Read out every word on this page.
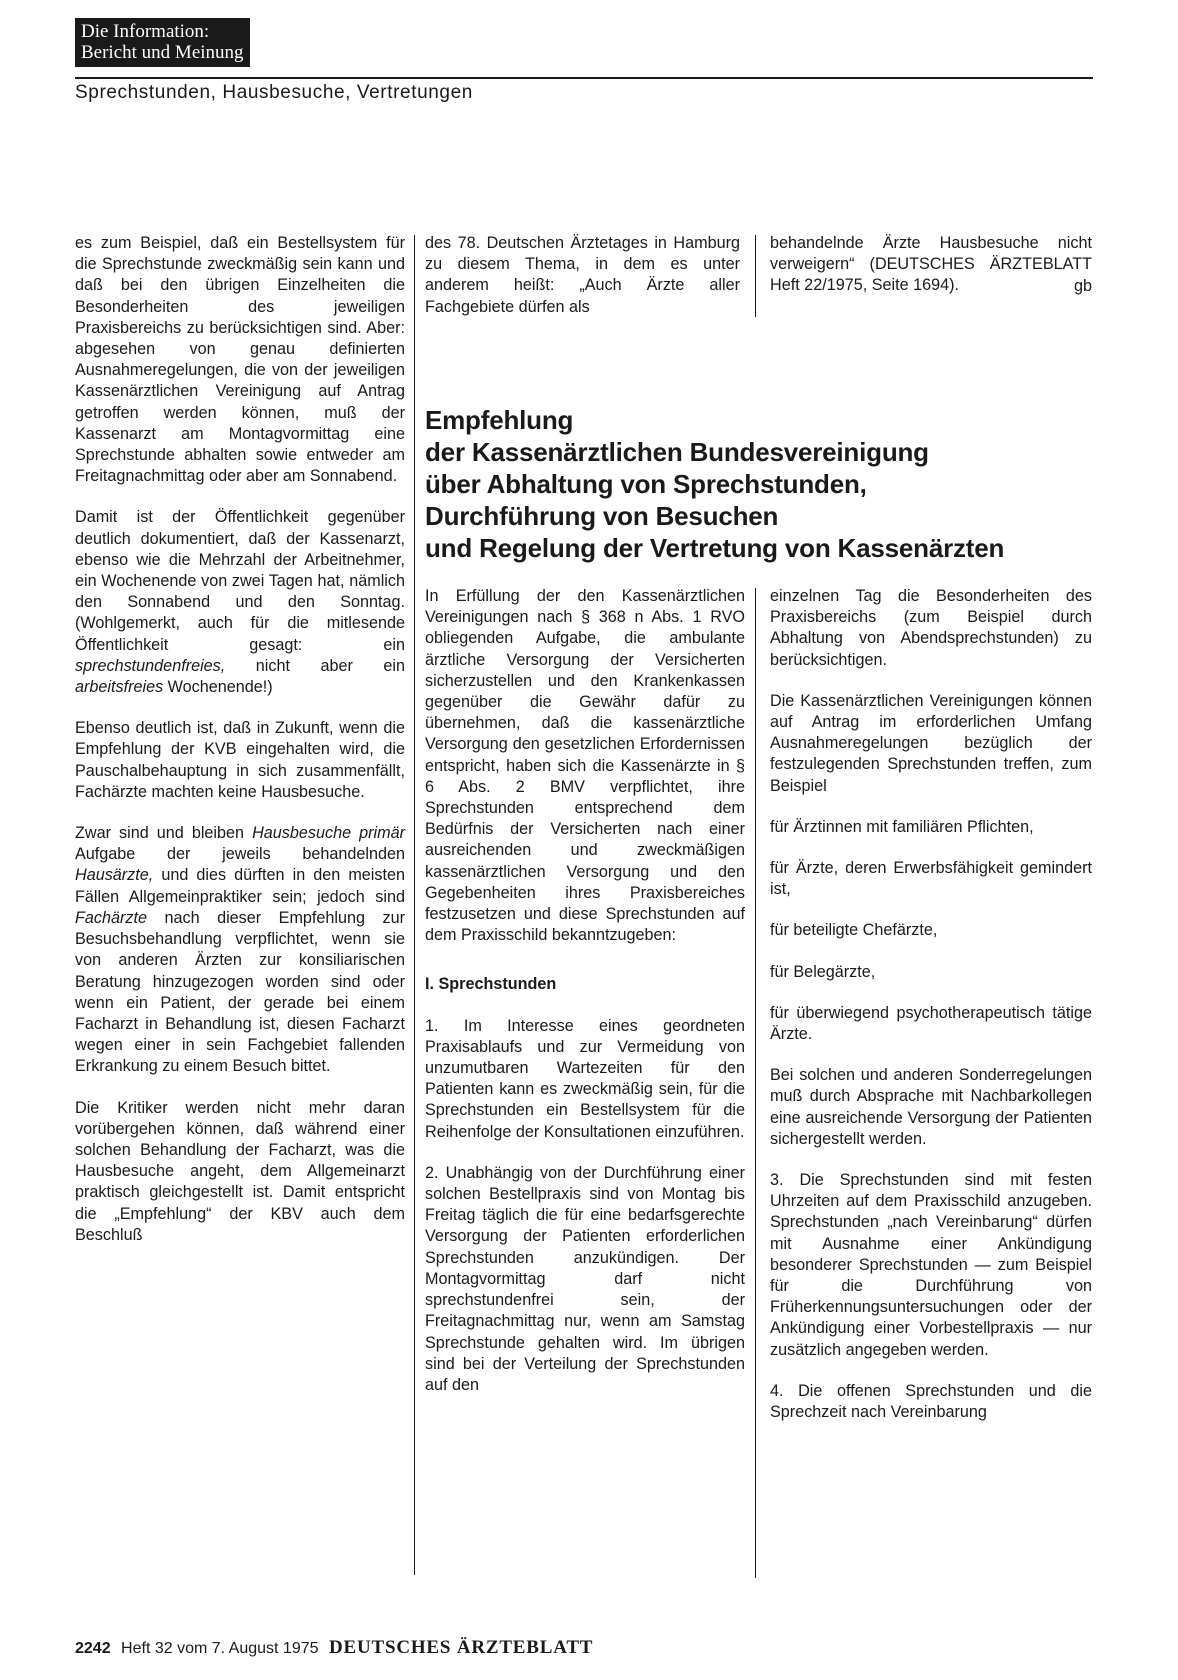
Die Information:
Bericht und Meinung
Sprechstunden, Hausbesuche, Vertretungen

es zum Beispiel, daß ein Bestellsystem für die Sprechstunde zweckmäßig sein kann und daß bei den übrigen Einzelheiten die Besonderheiten des jeweiligen Praxisbereichs zu berücksichtigen sind. Aber: abgesehen von genau definierten Ausnahmeregelungen, die von der jeweiligen Kassenärztlichen Vereinigung auf Antrag getroffen werden können, muß der Kassenarzt am Montagvormittag eine Sprechstunde abhalten sowie entweder am Freitagnachmittag oder aber am Sonnabend.

Damit ist der Öffentlichkeit gegenüber deutlich dokumentiert, daß der Kassenarzt, ebenso wie die Mehrzahl der Arbeitnehmer, ein Wochenende von zwei Tagen hat, nämlich den Sonnabend und den Sonntag. (Wohlgemerkt, auch für die mitlesende Öffentlichkeit gesagt: ein sprechstundenfreies, nicht aber ein arbeitsfreies Wochenende!)

Ebenso deutlich ist, daß in Zukunft, wenn die Empfehlung der KVB eingehalten wird, die Pauschalbehauptung in sich zusammenfällt, Fachärzte machten keine Hausbesuche.

Zwar sind und bleiben Hausbesuche primär Aufgabe der jeweils behandelnden Hausärzte, und dies dürften in den meisten Fällen Allgemeinpraktiker sein; jedoch sind Fachärzte nach dieser Empfehlung zur Besuchsbehandlung verpflichtet, wenn sie von anderen Ärzten zur konsiliarischen Beratung hinzugezogen worden sind oder wenn ein Patient, der gerade bei einem Facharzt in Behandlung ist, diesen Facharzt wegen einer in sein Fachgebiet fallenden Erkrankung zu einem Besuch bittet.

Die Kritiker werden nicht mehr daran vorübergehen können, daß während einer solchen Behandlung der Facharzt, was die Hausbesuche angeht, dem Allgemeinarzt praktisch gleichgestellt ist. Damit entspricht die „Empfehlung“ der KBV auch dem Beschluß

des 78. Deutschen Ärztetages in Hamburg zu diesem Thema, in dem es unter anderem heißt: „Auch Ärzte aller Fachgebiete dürfen als

behandelnde Ärzte Hausbesuche nicht verweigern“ (DEUTSCHES ÄRZTEBLATT Heft 22/1975, Seite 1694).	gb
Empfehlung
der Kassenärztlichen Bundesvereinigung
über Abhaltung von Sprechstunden,
Durchführung von Besuchen
und Regelung der Vertretung von Kassenärzten

In Erfüllung der den Kassenärztlichen Vereinigungen nach § 368 n Abs. 1 RVO obliegenden Aufgabe, die ambulante ärztliche Versorgung der Versicherten sicherzustellen und den Krankenkassen gegenüber die Gewähr dafür zu übernehmen, daß die kassenärztliche Versorgung den gesetzlichen Erfordernissen entspricht, haben sich die Kassenärzte in § 6 Abs. 2 BMV verpflichtet, ihre Sprechstunden entsprechend dem Bedürfnis der Versicherten nach einer ausreichenden und zweckmäßigen kassenärztlichen Versorgung und den Gegebenheiten ihres Praxisbereiches festzusetzen und diese Sprechstunden auf dem Praxisschild bekanntzugeben:

I. Sprechstunden

1. Im Interesse eines geordneten Praxisablaufs und zur Vermeidung von unzumutbaren Wartezeiten für den Patienten kann es zweckmäßig sein, für die Sprechstunden ein Bestellsystem für die Reihenfolge der Konsultationen einzuführen.

2. Unabhängig von der Durchführung einer solchen Bestellpraxis sind von Montag bis Freitag täglich die für eine bedarfsgerechte Versorgung der Patienten erforderlichen Sprechstunden anzukündigen. Der Montagvormittag darf nicht sprechstundenfrei sein, der Freitagnachmittag nur, wenn am Samstag Sprechstunde gehalten wird. Im übrigen sind bei der Verteilung der Sprechstunden auf den

einzelnen Tag die Besonderheiten des Praxisbereichs (zum Beispiel durch Abhaltung von Abendsprechstunden) zu berücksichtigen.

Die Kassenärztlichen Vereinigungen können auf Antrag im erforderlichen Umfang Ausnahmeregelungen bezüglich der festzulegenden Sprechstunden treffen, zum Beispiel

für Ärztinnen mit familiären Pflichten,

für Ärzte, deren Erwerbsfähigkeit gemindert ist,

für beteiligte Chefärzte,

für Belegärzte,

für überwiegend psychotherapeutisch tätige Ärzte.

Bei solchen und anderen Sonderregelungen muß durch Absprache mit Nachbarkollegen eine ausreichende Versorgung der Patienten sichergestellt werden.

3. Die Sprechstunden sind mit festen Uhrzeiten auf dem Praxisschild anzugeben. Sprechstunden „nach Vereinbarung“ dürfen mit Ausnahme einer Ankündigung besonderer Sprechstunden — zum Beispiel für die Durchführung von Früherkennungsuntersuchungen oder der Ankündigung einer Vorbestellpraxis — nur zusätzlich angegeben werden.

4. Die offenen Sprechstunden und die Sprechzeit nach Vereinbarung

2242 Heft 32 vom 7. August 1975 DEUTSCHES ÄRZTEBLATT
